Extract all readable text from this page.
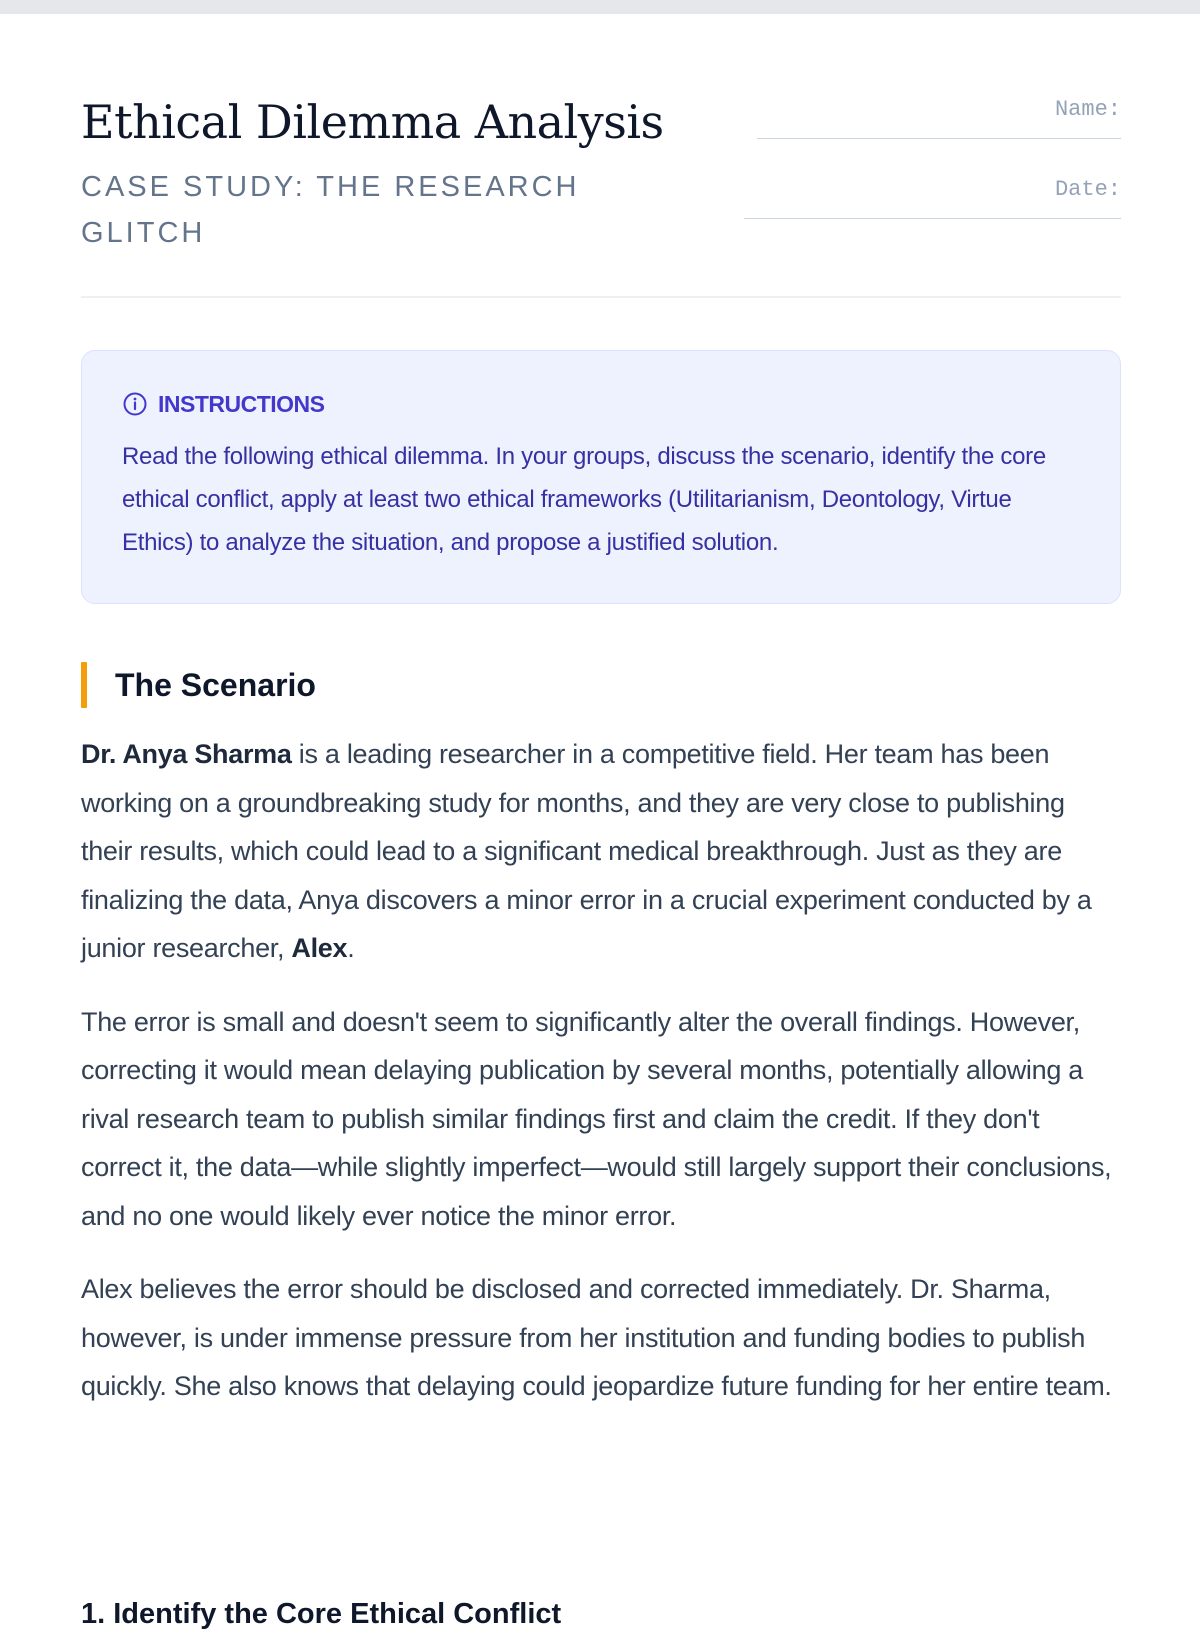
Ethical Dilemma Analysis
CASE STUDY: THE RESEARCH GLITCH
Name:
Date:
INSTRUCTIONS
Read the following ethical dilemma. In your groups, discuss the scenario, identify the core ethical conflict, apply at least two ethical frameworks (Utilitarianism, Deontology, Virtue Ethics) to analyze the situation, and propose a justified solution.
The Scenario

Dr. Anya Sharma is a leading researcher in a competitive field. Her team has been working on a groundbreaking study for months, and they are very close to publishing their results, which could lead to a significant medical breakthrough. Just as they are finalizing the data, Anya discovers a minor error in a crucial experiment conducted by a junior researcher, Alex.

The error is small and doesn't seem to significantly alter the overall findings. However, correcting it would mean delaying publication by several months, potentially allowing a rival research team to publish similar findings first and claim the credit. If they don't correct it, the data—while slightly imperfect—would still largely support their conclusions, and no one would likely ever notice the minor error.

Alex believes the error should be disclosed and corrected immediately. Dr. Sharma, however, is under immense pressure from her institution and funding bodies to publish quickly. She also knows that delaying could jeopardize future funding for her entire team.

1. Identify the Core Ethical Conflict
